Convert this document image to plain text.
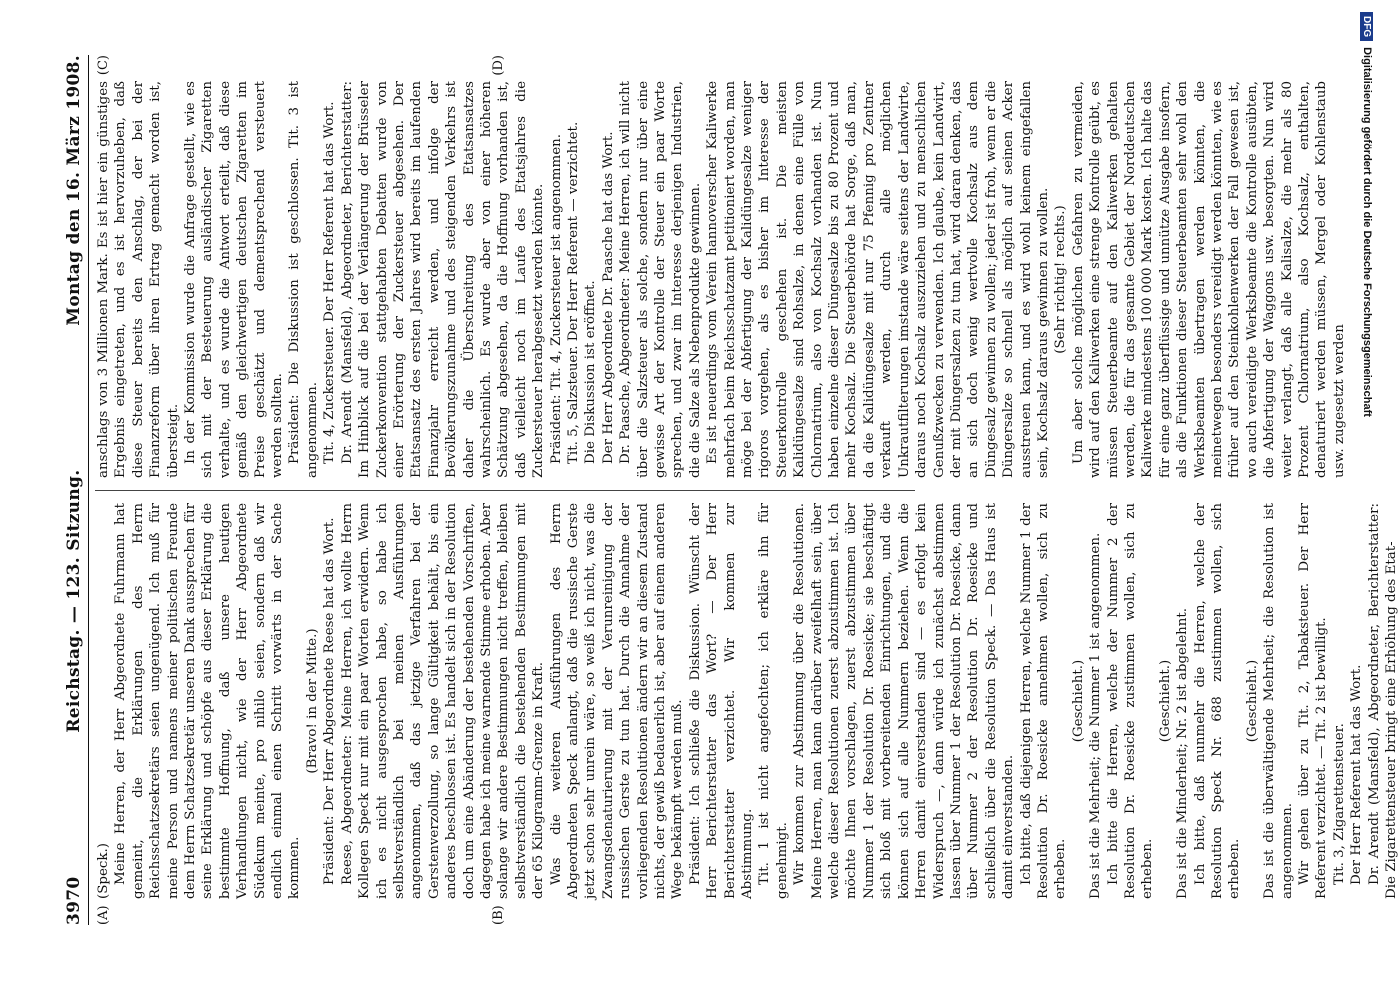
3970
Reichstag. — 123. Sitzung.
Montag den 16. März 1908.
(A)	(B)

(Speck.) Meine Herren, der Herr Abgeordnete Fuhrmann hat gemeint, die Erklärungen des Herrn Reichsschatzsekretärs seien ungenügend. Ich muß für meine Person und namens meiner politischen Freunde dem Herrn Schatzsekretär unseren Dank aussprechen für seine Erklärung und schöpfe aus dieser Erklärung die bestimmte Hoffnung, daß unsere heutigen Verhandlungen nicht, wie der Herr Abgeordnete Südekum meinte, pro nihilo seien, sondern daß wir endlich einmal einen Schritt vorwärts in der Sache kommen.

(Bravo! in der Mitte.) Präsident: Der Herr Abgeordnete Reese hat das Wort. Reese, Abgeordneter: Meine Herren, ich wollte Herrn Kollegen Speck nur mit ein paar Worten erwidern. Wenn ich es nicht ausgesprochen habe, so habe ich selbstverständlich bei meinen Ausführungen angenommen, daß das jetzige Verfahren bei der Gerstenverzollung, so lange Gültigkeit behält, bis ein anderes beschlossen ist. Es handelt sich in der Resolution doch um eine Abänderung der bestehenden Vorschriften, dagegen habe ich meine warnende Stimme erhoben. Aber solange wir andere Bestimmungen nicht treffen, bleiben selbstverständlich die bestehenden Bestimmungen mit der 65 Kilogramm-Grenze in Kraft. Was die weiteren Ausführungen des Herrn Abgeordneten Speck anlangt, daß die russische Gerste jetzt schon sehr unrein wäre, so weiß ich nicht, was die Zwangsdenaturierung mit der Verunreinigung der russischen Gerste zu tun hat. Durch die Annahme der vorliegenden Resolutionen ändern wir an diesem Zustand nichts, der gewiß bedauerlich ist, aber auf einem anderen Wege bekämpft werden muß. Präsident: Ich schließe die Diskussion. Wünscht der Herr Berichterstatter das Wort? — Der Herr Berichterstatter verzichtet. Wir kommen zur Abstimmung. Tit. 1 ist nicht angefochten; ich erkläre ihn für genehmigt. Wir kommen zur Abstimmung über die Resolutionen. Meine Herren, man kann darüber zweifelhaft sein, über welche dieser Resolutionen zuerst abzustimmen ist. Ich möchte Ihnen vorschlagen, zuerst abzustimmen über Nummer 1 der Resolution Dr. Roesicke; sie beschäftigt sich bloß mit vorbereitenden Einrichtungen, und die können sich auf alle Nummern beziehen. Wenn die Herren damit einverstanden sind — es erfolgt kein Widerspruch —, dann würde ich zunächst abstimmen lassen über Nummer 1 der Resolution Dr. Roesicke, dann über Nummer 2 der Resolution Dr. Roesicke und schließlich über die Resolution Speck. — Das Haus ist damit einverstanden. Ich bitte, daß diejenigen Herren, welche Nummer 1 der Resolution Dr. Roesicke annehmen wollen, sich zu erheben.

(Geschieht.) Das ist die Mehrheit; die Nummer 1 ist angenommen. Ich bitte die Herren, welche der Nummer 2 der Resolution Dr. Roesicke zustimmen wollen, sich zu erheben.

(Geschieht.) Das ist die Minderheit; Nr. 2 ist abgelehnt. Ich bitte, daß nunmehr die Herren, welche der Resolution Speck Nr. 688 zustimmen wollen, sich erheben.

(Geschieht.) Das ist die überwältigende Mehrheit; die Resolution ist angenommen. Wir gehen über zu Tit. 2, Tabaksteuer. Der Herr Referent verzichtet. — Tit. 2 ist bewilligt. Tit. 3, Zigarettensteuer. Der Herr Referent hat das Wort. Dr. Arendt (Mansfeld), Abgeordneter, Berichterstatter: Die Zigarettensteuer bringt eine Erhöhung des Etat-

(C)	(D)

anschlags von 3 Millionen Mark. Es ist hier ein günstiges Ergebnis eingetreten, und es ist hervorzuheben, daß diese Steuer bereits den Anschlag, der bei der Finanzreform über ihren Ertrag gemacht worden ist, übersteigt. In der Kommission wurde die Anfrage gestellt, wie es sich mit der Besteuerung ausländischer Zigaretten verhalte, und es wurde die Antwort erteilt, daß diese gemäß den gleichwertigen deutschen Zigaretten im Preise geschätzt und dementsprechend versteuert werden sollten. Präsident: Die Diskussion ist geschlossen. Tit. 3 ist angenommen. Tit. 4, Zuckersteuer. Der Herr Referent hat das Wort. Dr. Arendt (Mansfeld), Abgeordneter, Berichterstatter: Im Hinblick auf die bei der Verlängerung der Brüsseler Zuckerkonvention stattgehabten Debatten wurde von einer Erörterung der Zuckersteuer abgesehen. Der Etatsansatz des ersten Jahres wird bereits im laufenden Finanzjahr erreicht werden, und infolge der Bevölkerungszunahme und des steigenden Verkehrs ist daher die Überschreitung des Etatsansatzes wahrscheinlich. Es wurde aber von einer höheren Schätzung abgesehen, da die Hoffnung vorhanden ist, daß vielleicht noch im Laufe des Etatsjahres die Zuckersteuer herabgesetzt werden könnte. Präsident: Tit. 4, Zuckersteuer ist angenommen. Tit. 5, Salzsteuer. Der Herr Referent — verzichtet. Die Diskussion ist eröffnet. Der Herr Abgeordnete Dr. Paasche hat das Wort. Dr. Paasche, Abgeordneter: Meine Herren, ich will nicht über die Salzsteuer als solche, sondern nur über eine gewisse Art der Kontrolle der Steuer ein paar Worte sprechen, und zwar im Interesse derjenigen Industrien, die die Salze als Nebenprodukte gewinnen. Es ist neuerdings vom Verein hannoverscher Kaliwerke mehrfach beim Reichsschatzamt petitioniert worden, man möge bei der Abfertigung der Kalidüngesalze weniger rigoros vorgehen, als es bisher im Interesse der Steuerkontrolle geschehen ist. Die meisten Kalidüngesalze sind Rohsalze, in denen eine Fülle von Chlornatrium, also von Kochsalz vorhanden ist. Nun haben einzelne dieser Düngesalze bis zu 80 Prozent und mehr Kochsalz. Die Steuerbehörde hat Sorge, daß man, da die Kalidüngesalze mit nur 75 Pfennig pro Zentner verkauft werden, durch alle möglichen Unkrautfilterungen imstande wäre seitens der Landwirte, daraus noch Kochsalz auszuziehen und zu menschlichen Genußzwecken zu verwenden. Ich glaube, kein Landwirt, der mit Düngersalzen zu tun hat, wird daran denken, das an sich doch wenig wertvolle Kochsalz aus dem Düngesalz gewinnen zu wollen; jeder ist froh, wenn er die Düngersalze so schnell als möglich auf seinen Acker ausstreuen kann, und es wird wohl keinem eingefallen sein, Kochsalz daraus gewinnen zu wollen. (Sehr richtig! rechts.) Um aber solche möglichen Gefahren zu vermeiden, wird auf den Kaliwerken eine strenge Kontrolle geübt, es müssen Steuerbeamte auf den Kaliwerken gehalten werden, die für das gesamte Gebiet der Norddeutschen Kaliwerke mindestens 100 000 Mark kosten. Ich halte das für eine ganz überflüssige und unnütze Ausgabe insofern, als die Funktionen dieser Steuerbeamten sehr wohl den Werksbeamten übertragen werden könnten, die meinetwegen besonders vereidigt werden könnten, wie es früher auf den Steinkohlenwerken der Fall gewesen ist, wo auch vereidigte Werksbeamte die Kontrolle ausübten, die Abfertigung der Waggons usw. besorgten. Nun wird weiter verlangt, daß alle Kalisalze, die mehr als 80 Prozent Chlornatrium, also Kochsalz, enthalten, denaturiert werden müssen, Mergel oder Kohlenstaub usw. zugesetzt werden

DFG
Digitalisierung gefördert durch die Deutsche Forschungsgemeinschaft
